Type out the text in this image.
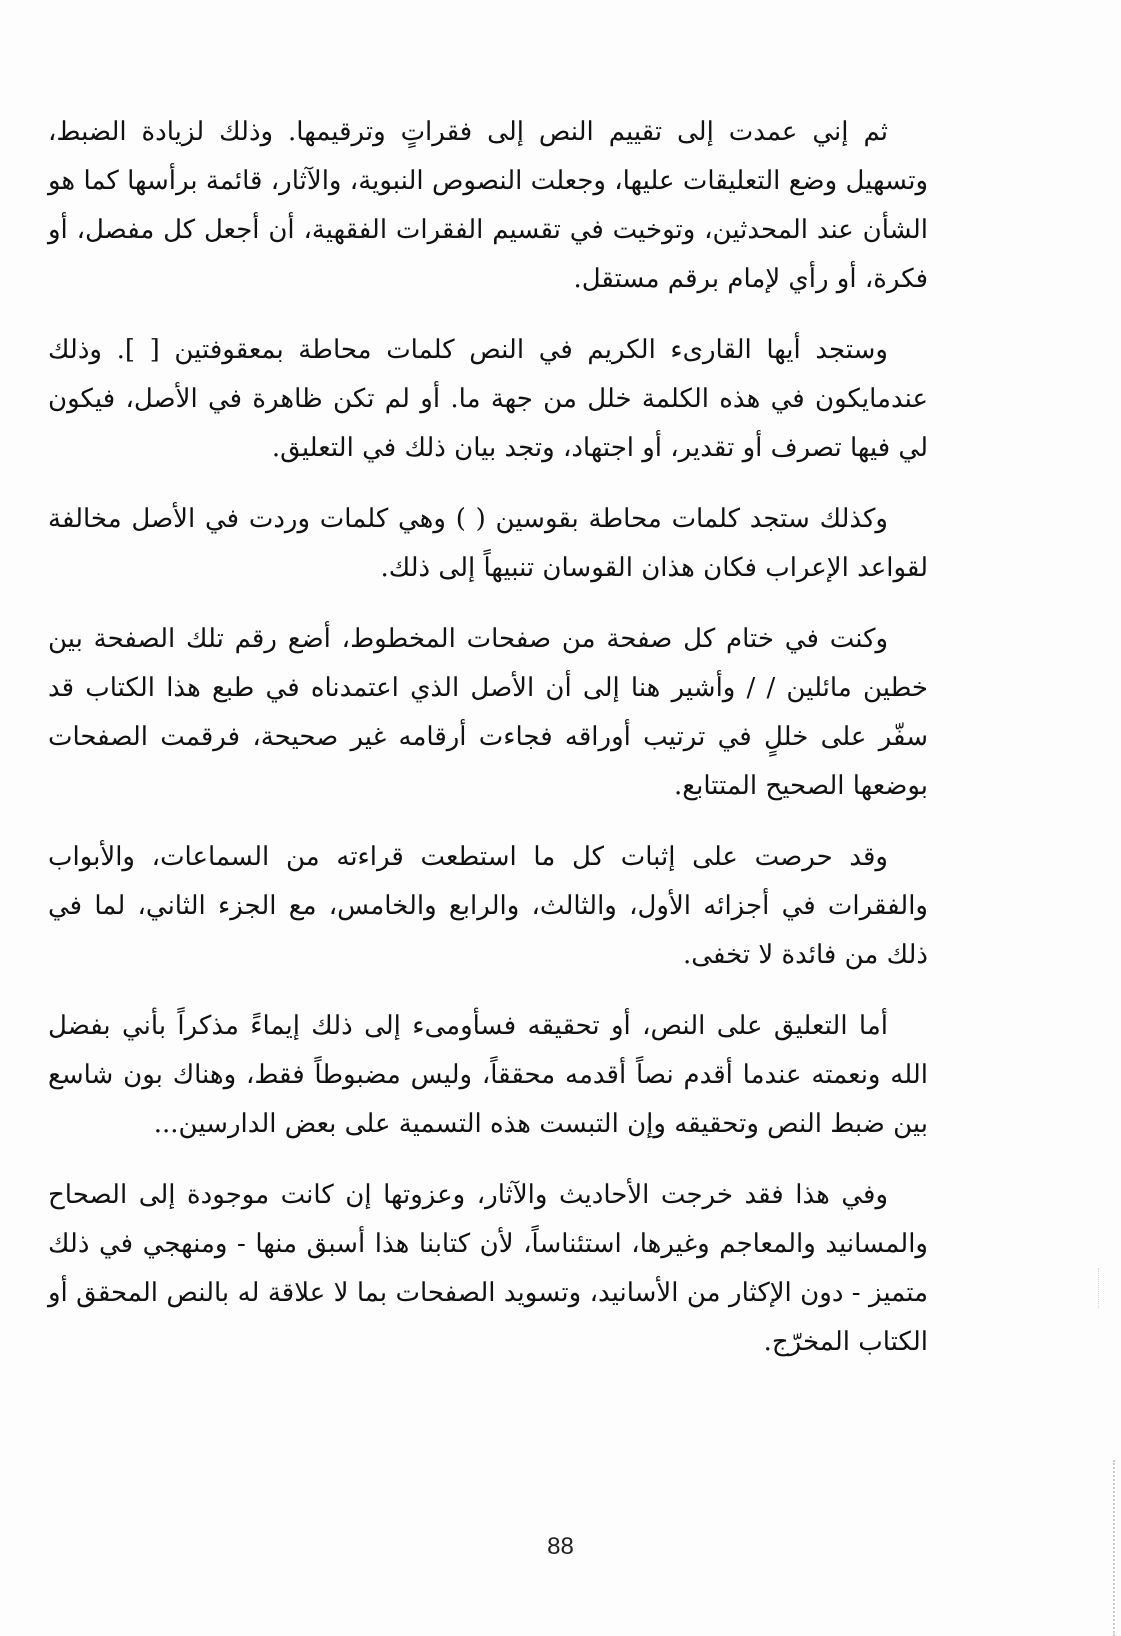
ثم إني عمدت إلى تقييم النص إلى فقراتٍ وترقيمها. وذلك لزيادة الضبط، وتسهيل وضع التعليقات عليها، وجعلت النصوص النبوية، والآثار، قائمة برأسها كما هو الشأن عند المحدثين، وتوخيت في تقسيم الفقرات الفقهية، أن أجعل كل مفصل، أو فكرة، أو رأي لإمام برقم مستقل.

وستجد أيها القارىء الكريم في النص كلمات محاطة بمعقوفتين [ ]. وذلك عندمايكون في هذه الكلمة خلل من جهة ما. أو لم تكن ظاهرة في الأصل، فيكون لي فيها تصرف أو تقدير، أو اجتهاد، وتجد بيان ذلك في التعليق.

وكذلك ستجد كلمات محاطة بقوسين ( ) وهي كلمات وردت في الأصل مخالفة لقواعد الإعراب فكان هذان القوسان تنبيهاً إلى ذلك.

وكنت في ختام كل صفحة من صفحات المخطوط، أضع رقم تلك الصفحة بين خطين مائلين / / وأشير هنا إلى أن الأصل الذي اعتمدناه في طبع هذا الكتاب قد سفّر على خللٍ في ترتيب أوراقه فجاءت أرقامه غير صحيحة، فرقمت الصفحات بوضعها الصحيح المتتابع.

وقد حرصت على إثبات كل ما استطعت قراءته من السماعات، والأبواب والفقرات في أجزائه الأول، والثالث، والرابع والخامس، مع الجزء الثاني، لما في ذلك من فائدة لا تخفى.

أما التعليق على النص، أو تحقيقه فسأومىء إلى ذلك إيماءً مذكراً بأني بفضل الله ونعمته عندما أقدم نصاً أقدمه محققاً، وليس مضبوطاً فقط، وهناك بون شاسع بين ضبط النص وتحقيقه وإن التبست هذه التسمية على بعض الدارسين...

وفي هذا فقد خرجت الأحاديث والآثار، وعزوتها إن كانت موجودة إلى الصحاح والمسانيد والمعاجم وغيرها، استئناساً، لأن كتابنا هذا أسبق منها - ومنهجي في ذلك متميز - دون الإكثار من الأسانيد، وتسويد الصفحات بما لا علاقة له بالنص المحقق أو الكتاب المخرّج.

88
